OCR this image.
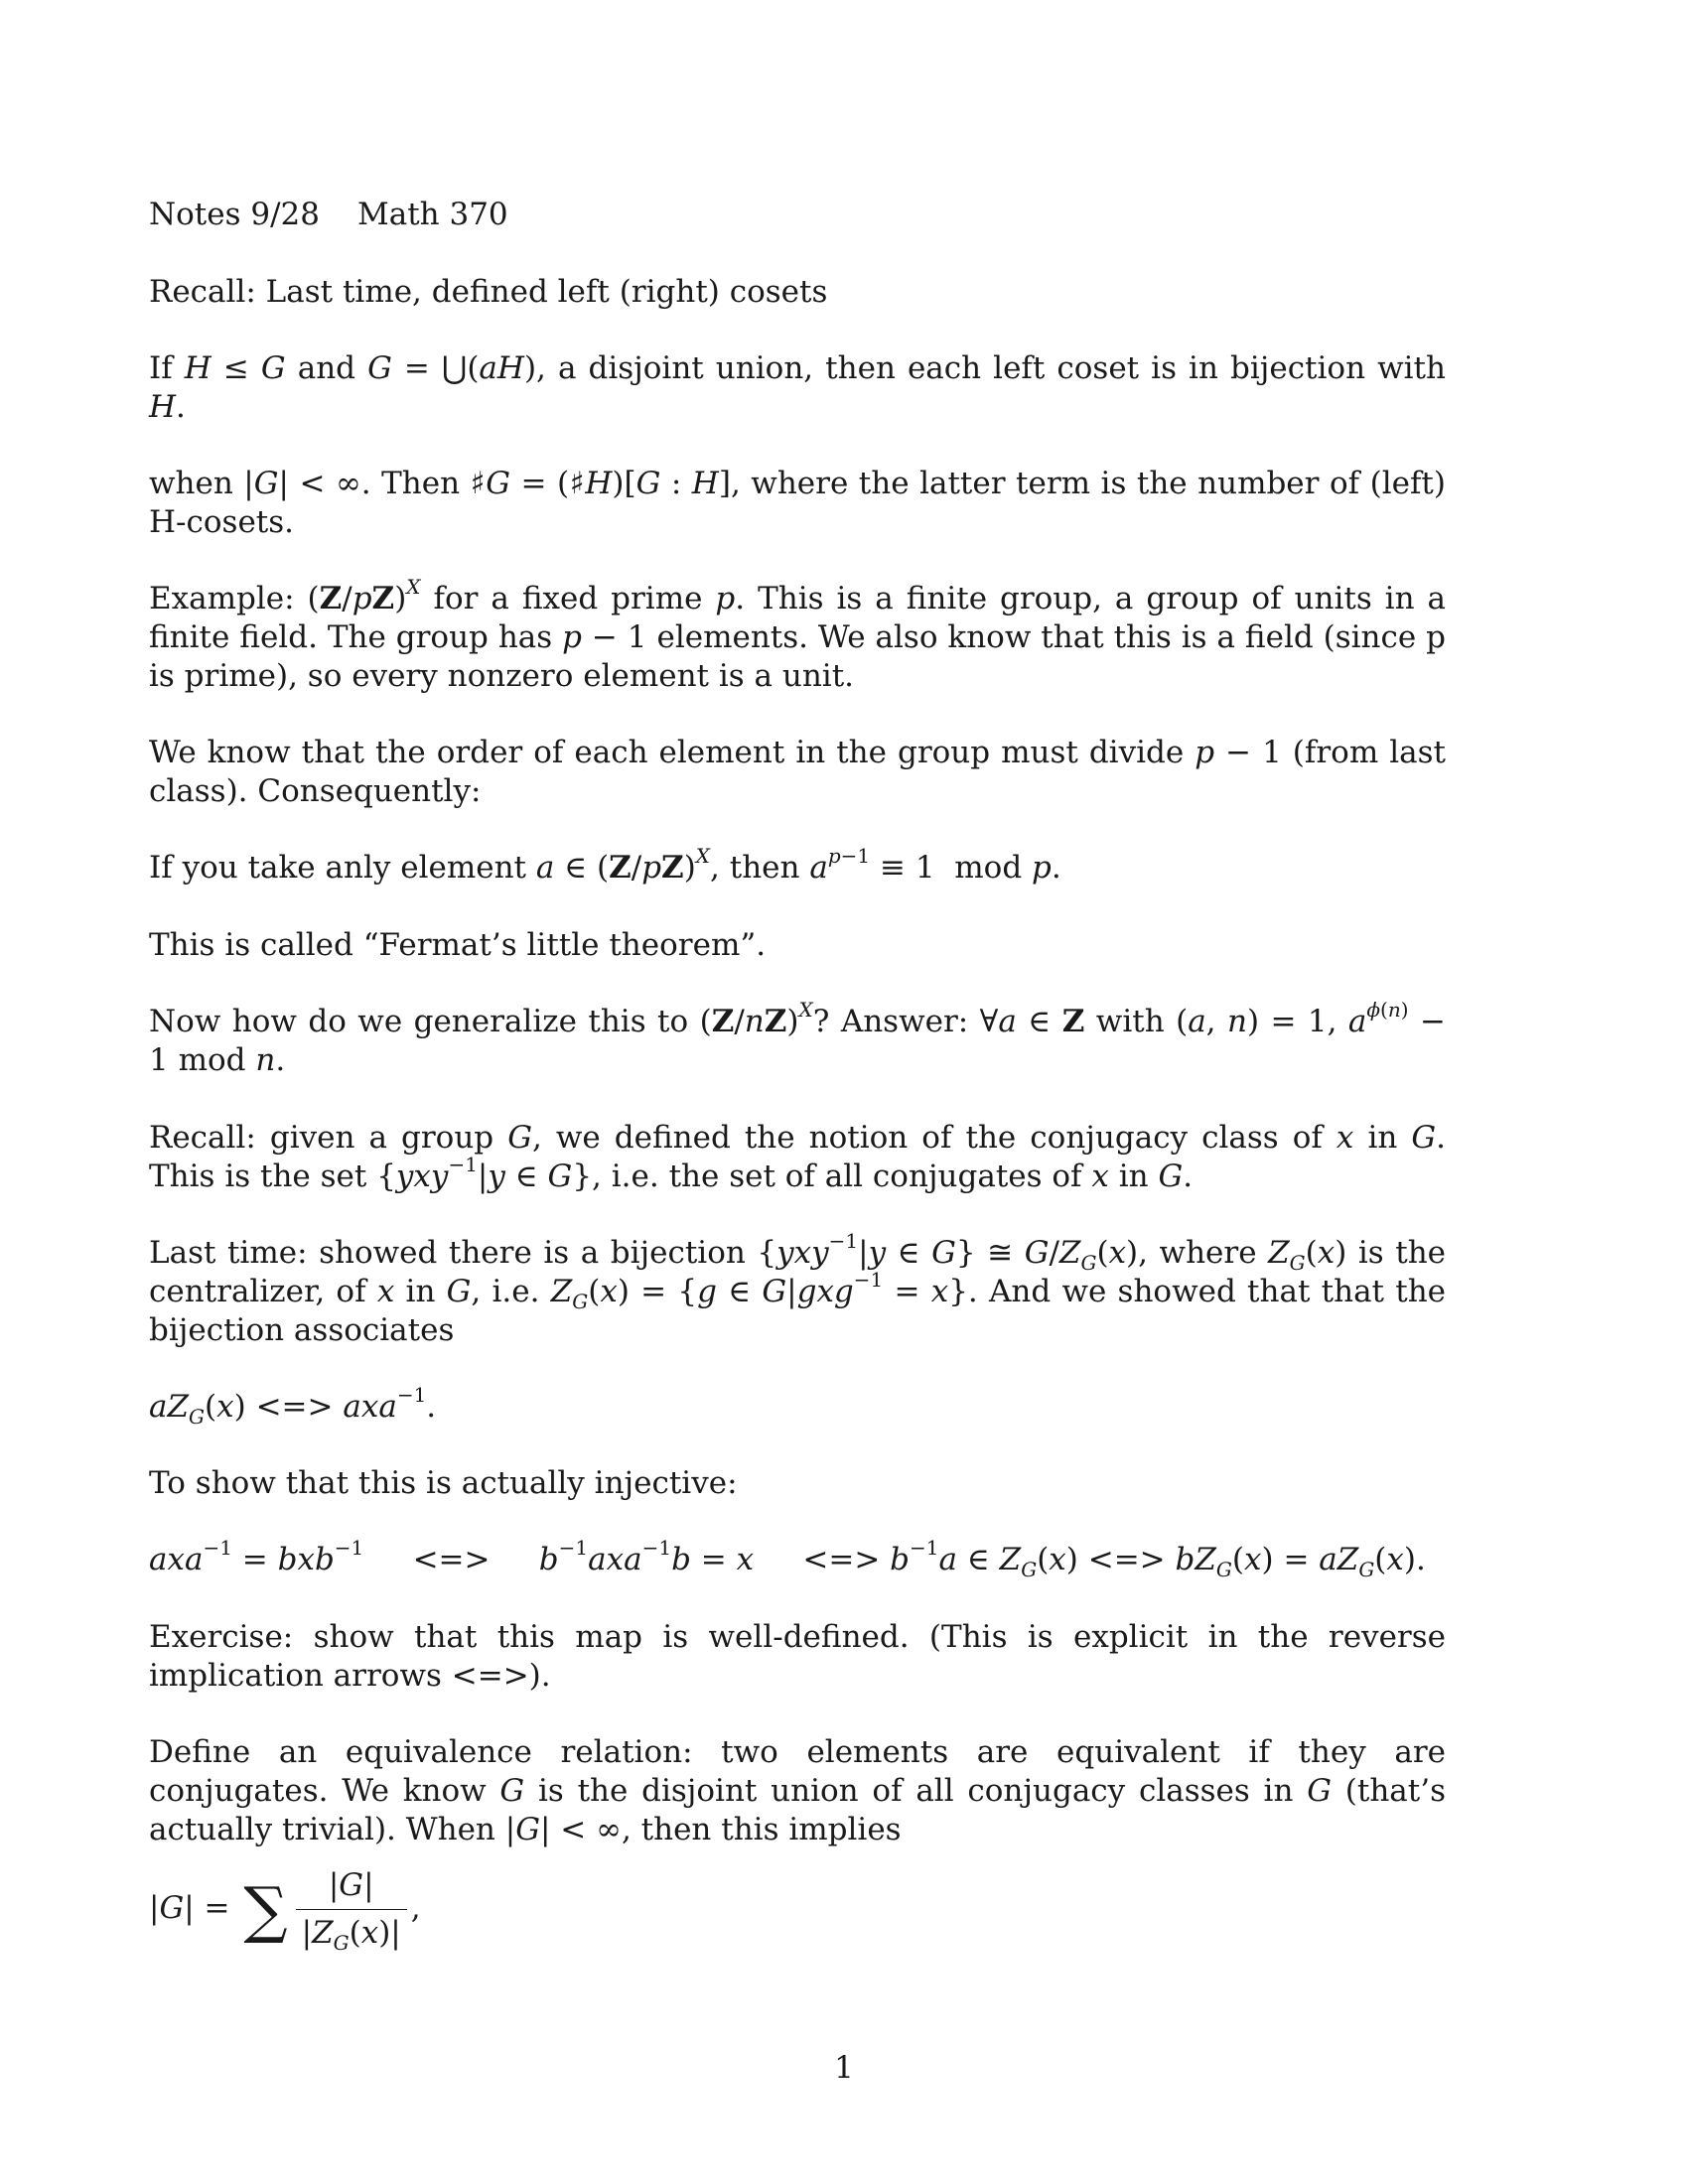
Notes 9/28 Math 370
Recall: Last time, defined left (right) cosets
If H ≤ G and G = ⋃(aH), a disjoint union, then each left coset is in bijection with H.
when |G| < ∞. Then ♯G = (♯H)[G : H], where the latter term is the number of (left) H-cosets.
Example: $(Z/pZ)^X$ for a fixed prime p. This is a finite group, a group of units in a finite field. The group has p − 1 elements. We also know that this is a field (since p is prime), so every nonzero element is a unit.
We know that the order of each element in the group must divide p − 1 (from last class). Consequently:
If you take anly element a ∈ $(Z/pZ)^X$, then $a^{p-1} \equiv 1$  mod p.
This is called “Fermat’s little theorem”.
Now how do we generalize this to $(Z/nZ)^X$? Answer: ∀a ∈ Z with (a, n) = 1, $a^{\phi(n)} - 1$ mod n.
Recall: given a group G, we defined the notion of the conjugacy class of x in G. This is the set {yxy$^{-1}$|y ∈ G}, i.e. the set of all conjugates of x in G.
Last time: showed there is a bijection {yxy$^{-1}$|y ∈ G} ≅ $G/Z_G(x)$, where $Z_G(x)$ is the centralizer, of x in G, i.e. $Z_G(x) = \{g$ ∈ G|gxg$^{-1}$ = x}. And we showed that that the bijection associates
$aZ_G(x)$ <=> axa$^{-1}$.
To show that this is actually injective:
axa$^{-1}$ = bxb$^{-1}$ <=> $b^{-1}axa^{-1}b = x$ <=> $b^{-1}a$ ∈ $Z_G(x)$ <=> $bZ_G(x) = aZ_G(x)$.
Exercise: show that this map is well-defined. (This is explicit in the reverse implication arrows <=>).
Define an equivalence relation: two elements are equivalent if they are conjugates. We know G is the disjoint union of all conjugacy classes in G (that’s actually trivial). When |G| < ∞, then this implies
|G| = ∑ $\frac{|G|}{|Z_G(x)|}$ ,
1
